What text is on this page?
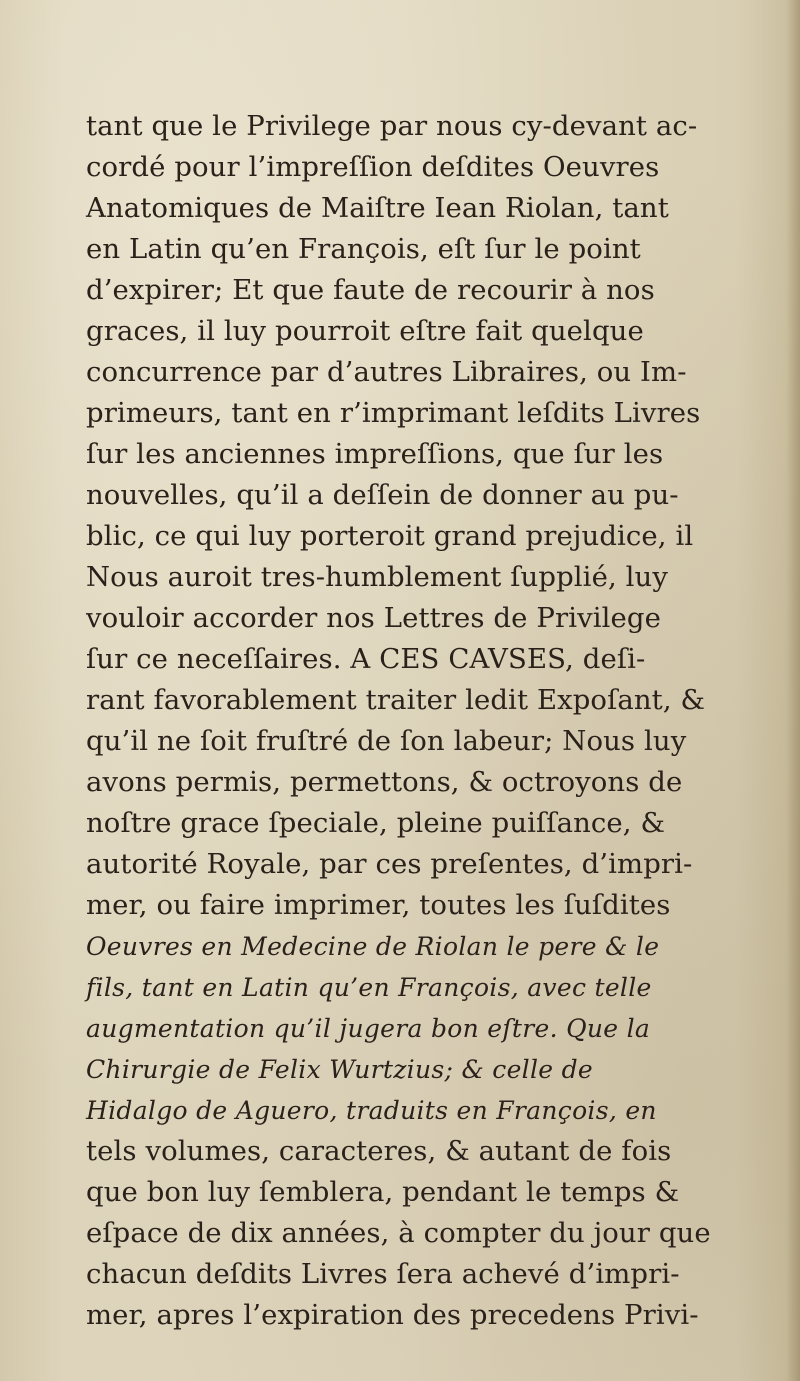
tant que le Privilege par nous cy-devant ac-
cordé pour l’impreſſion deſdites Oeuvres
Anatomiques de Maiſtre Iean Riolan, tant
en Latin qu’en François, eſt ſur le point
d’expirer; Et que faute de recourir à nos
graces, il luy pourroit eſtre fait quelque
concurrence par d’autres Libraires, ou Im-
primeurs, tant en r’imprimant leſdits Livres
ſur les anciennes impreſſions, que ſur les
nouvelles, qu’il a deſſein de donner au pu-
blic, ce qui luy porteroit grand prejudice, il
Nous auroit tres-humblement ſupplié, luy
vouloir accorder nos Lettres de Privilege
ſur ce neceſſaires. A CES CAVSES, deſi-
rant favorablement traiter ledit Expoſant, &
qu’il ne ſoit fruſtré de ſon labeur; Nous luy
avons permis, permettons, & octroyons de
noſtre grace ſpeciale, pleine puiſſance, &
autorité Royale, par ces preſentes, d’impri-
mer, ou faire imprimer, toutes les ſuſdites
Oeuvres en Medecine de Riolan le pere & le
fils, tant en Latin qu’en François, avec telle
augmentation qu’il jugera bon eſtre. Que la
Chirurgie de Felix Wurtzius; & celle de
Hidalgo de Aguero, traduits en François, en
tels volumes, caracteres, & autant de fois
que bon luy ſemblera, pendant le temps &
eſpace de dix années, à compter du jour que
chacun deſdits Livres ſera achevé d’impri-
mer, apres l’expiration des precedens Privi-
